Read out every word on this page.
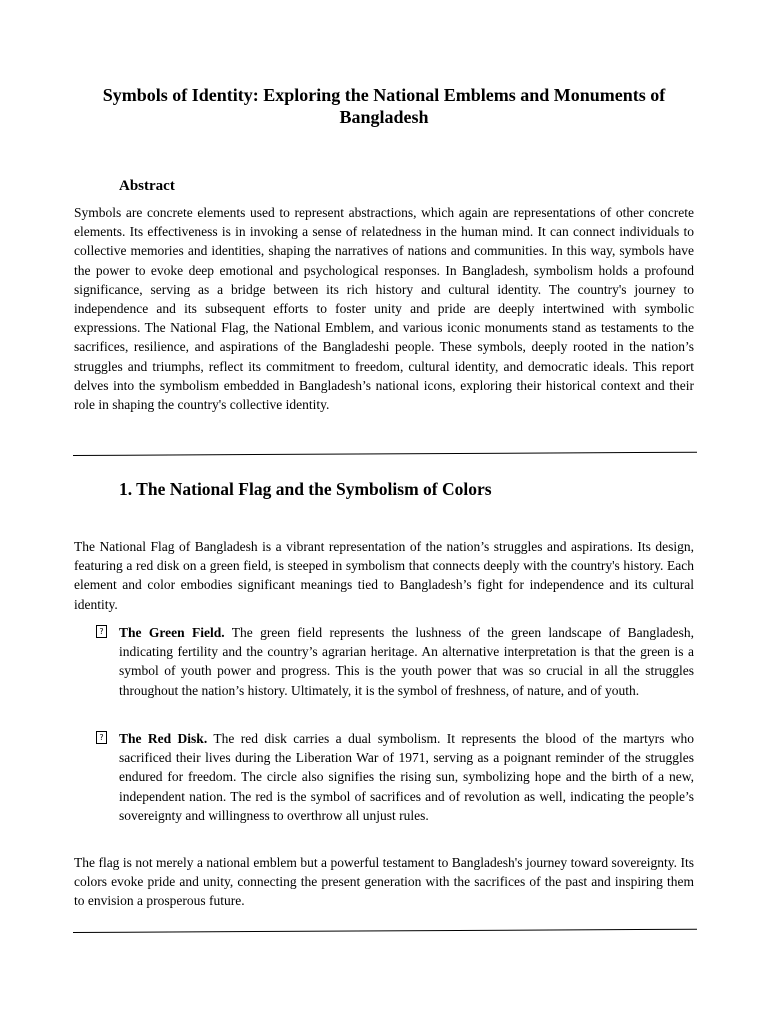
Symbols of Identity: Exploring the National Emblems and Monuments of Bangladesh
Abstract

Symbols are concrete elements used to represent abstractions, which again are representations of other concrete elements. Its effectiveness is in invoking a sense of relatedness in the human mind. It can connect individuals to collective memories and identities, shaping the narratives of nations and communities. In this way, symbols have the power to evoke deep emotional and psychological responses. In Bangladesh, symbolism holds a profound significance, serving as a bridge between its rich history and cultural identity. The country's journey to independence and its subsequent efforts to foster unity and pride are deeply intertwined with symbolic expressions. The National Flag, the National Emblem, and various iconic monuments stand as testaments to the sacrifices, resilience, and aspirations of the Bangladeshi people. These symbols, deeply rooted in the nation’s struggles and triumphs, reflect its commitment to freedom, cultural identity, and democratic ideals. This report delves into the symbolism embedded in Bangladesh’s national icons, exploring their historical context and their role in shaping the country's collective identity.

1. The National Flag and the Symbolism of Colors

The National Flag of Bangladesh is a vibrant representation of the nation’s struggles and aspirations. Its design, featuring a red disk on a green field, is steeped in symbolism that connects deeply with the country's history. Each element and color embodies significant meanings tied to Bangladesh’s fight for independence and its cultural identity.

? The Green Field. The green field represents the lushness of the green landscape of Bangladesh, indicating fertility and the country’s agrarian heritage. An alternative interpretation is that the green is a symbol of youth power and progress. This is the youth power that was so crucial in all the struggles throughout the nation’s history. Ultimately, it is the symbol of freshness, of nature, and of youth.

? The Red Disk. The red disk carries a dual symbolism. It represents the blood of the martyrs who sacrificed their lives during the Liberation War of 1971, serving as a poignant reminder of the struggles endured for freedom. The circle also signifies the rising sun, symbolizing hope and the birth of a new, independent nation. The red is the symbol of sacrifices and of revolution as well, indicating the people’s sovereignty and willingness to overthrow all unjust rules.

The flag is not merely a national emblem but a powerful testament to Bangladesh's journey toward sovereignty. Its colors evoke pride and unity, connecting the present generation with the sacrifices of the past and inspiring them to envision a prosperous future.
